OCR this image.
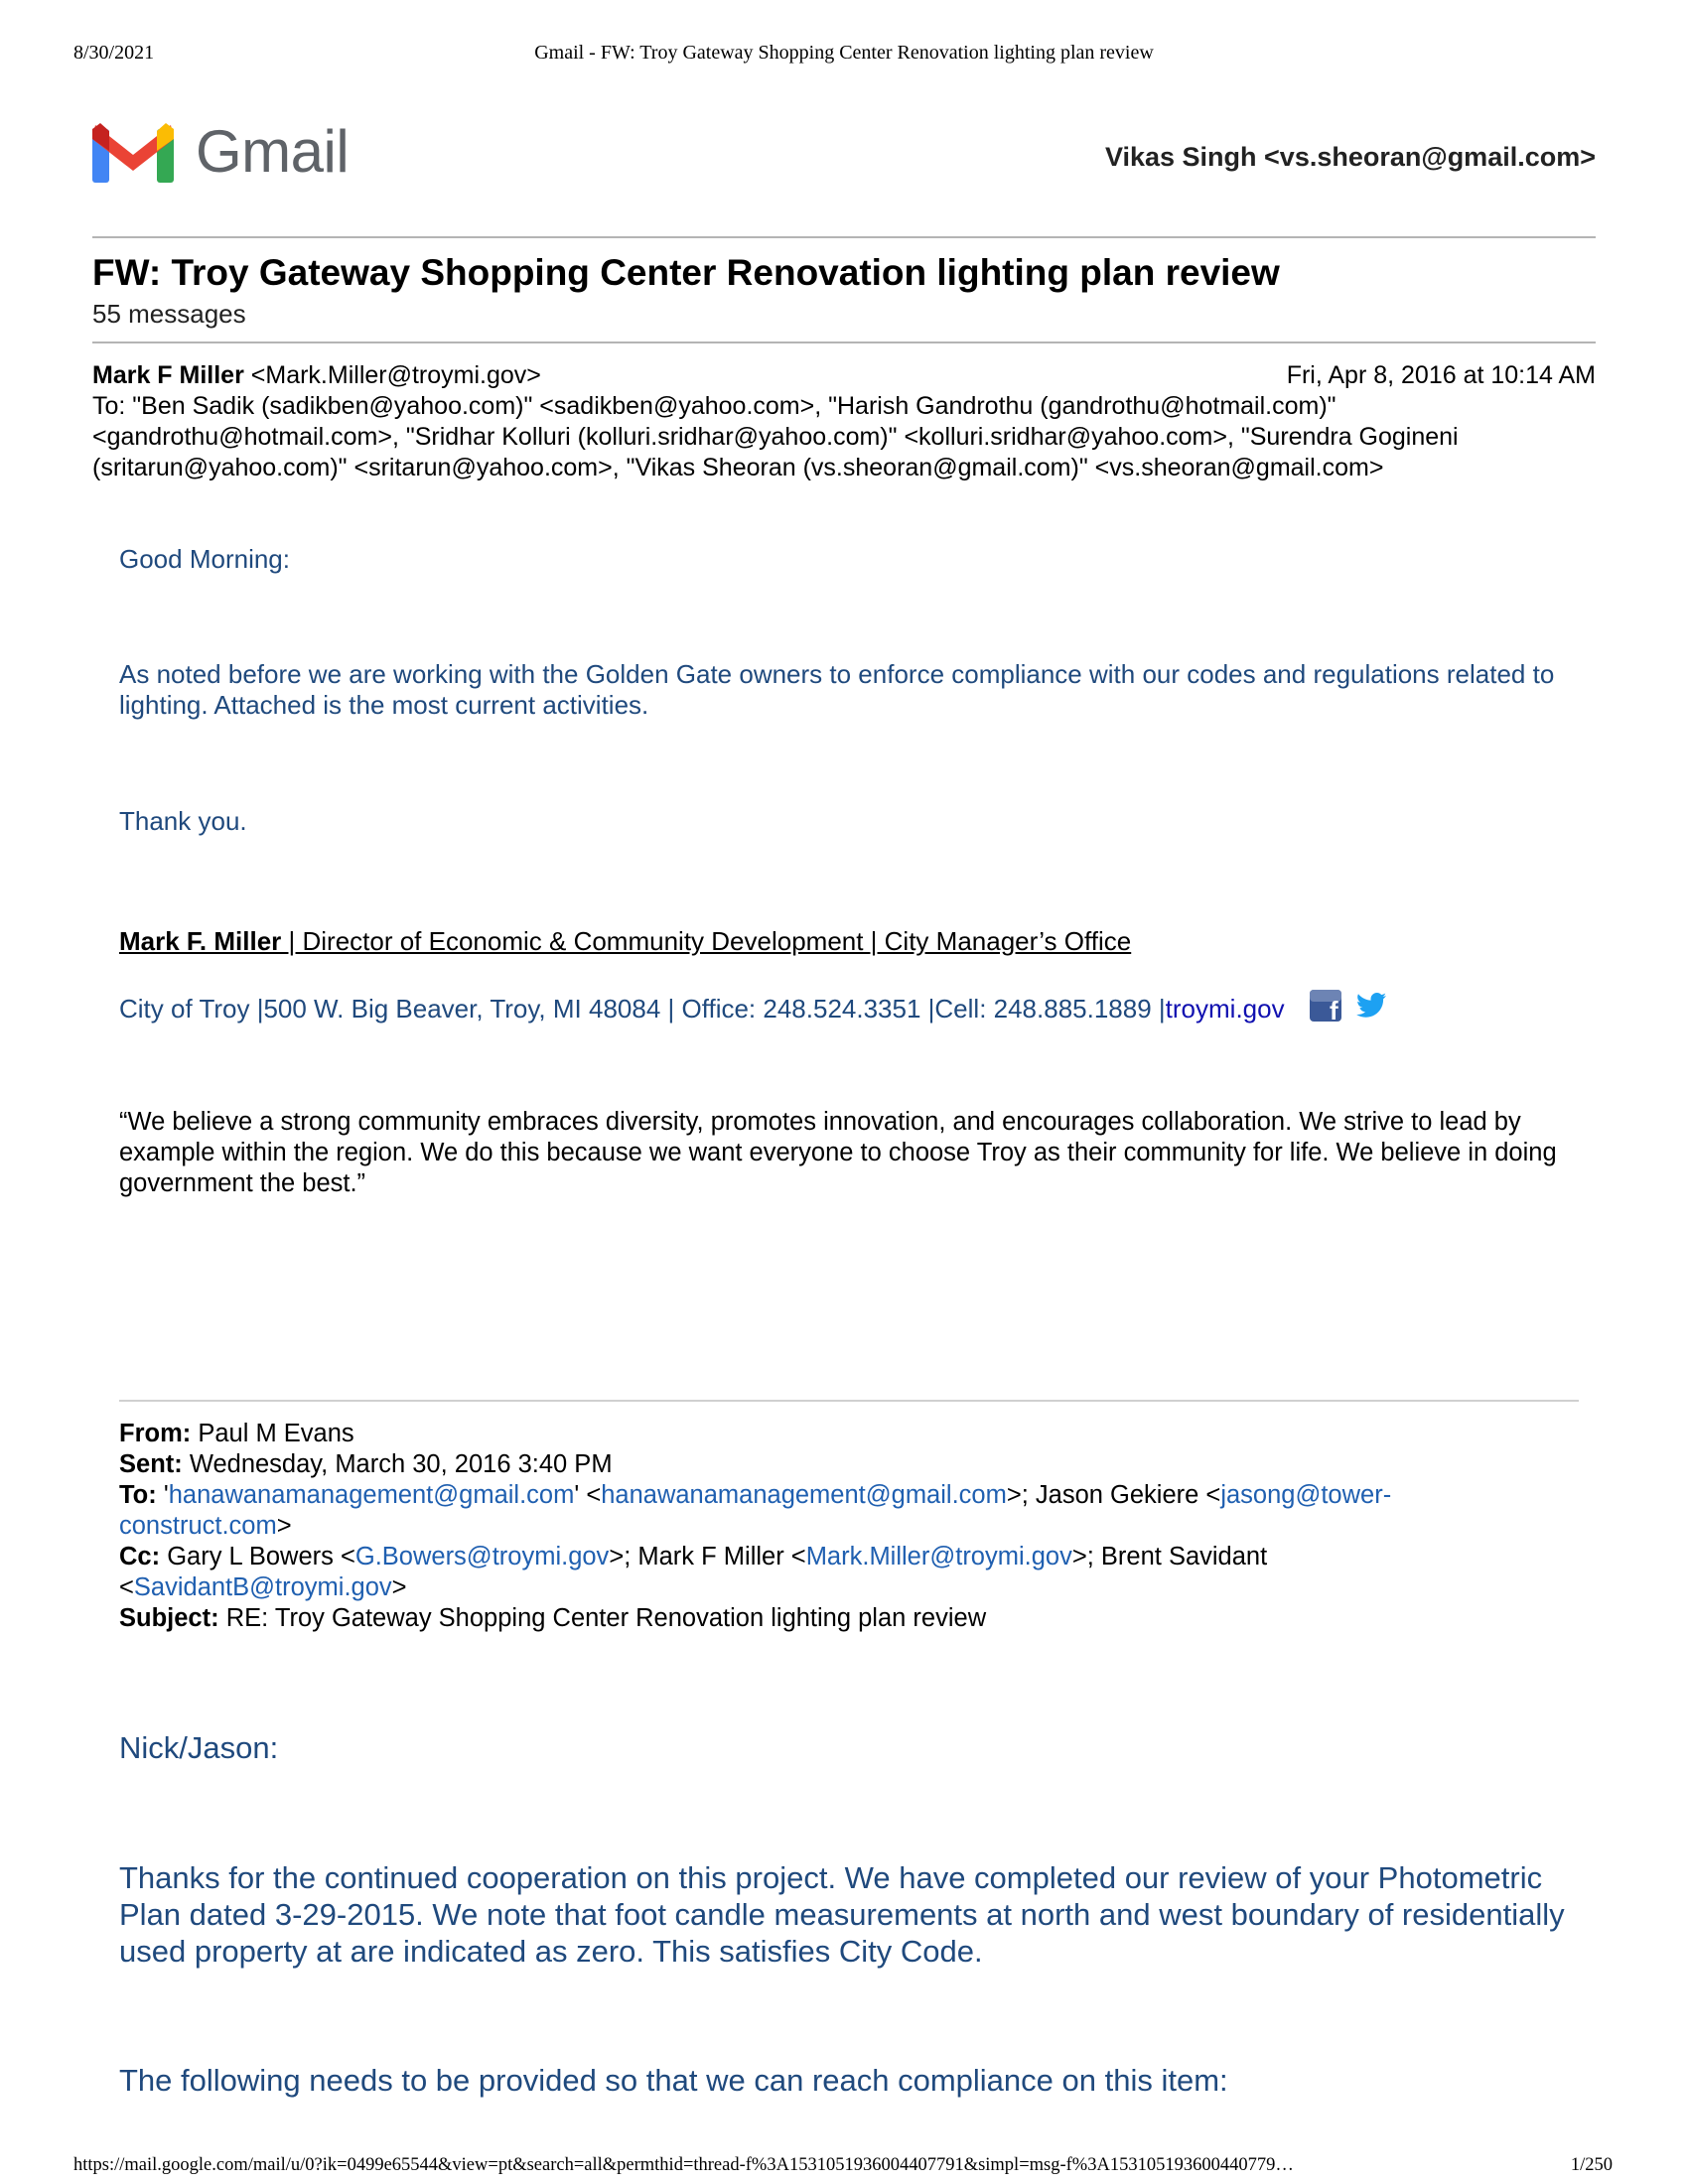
8/30/2021	Gmail - FW: Troy Gateway Shopping Center Renovation lighting plan review
Gmail	Vikas Singh <vs.sheoran@gmail.com>
FW: Troy Gateway Shopping Center Renovation lighting plan review
55 messages
Mark F Miller <Mark.Miller@troymi.gov>	Fri, Apr 8, 2016 at 10:14 AM
To: "Ben Sadik (sadikben@yahoo.com)" <sadikben@yahoo.com>, "Harish Gandrothu (gandrothu@hotmail.com)" <gandrothu@hotmail.com>, "Sridhar Kolluri (kolluri.sridhar@yahoo.com)" <kolluri.sridhar@yahoo.com>, "Surendra Gogineni (sritarun@yahoo.com)" <sritarun@yahoo.com>, "Vikas Sheoran (vs.sheoran@gmail.com)" <vs.sheoran@gmail.com>
Good Morning:
As noted before we are working with the Golden Gate owners to enforce compliance with our codes and regulations related to lighting. Attached is the most current activities.
Thank you.
Mark F. Miller | Director of Economic & Community Development | City Manager’s Office
City of Troy |500 W. Big Beaver, Troy, MI 48084 | Office: 248.524.3351 |Cell: 248.885.1889 |troymi.gov f
“We believe a strong community embraces diversity, promotes innovation, and encourages collaboration. We strive to lead by example within the region. We do this because we want everyone to choose Troy as their community for life. We believe in doing government the best.”
From: Paul M Evans
Sent: Wednesday, March 30, 2016 3:40 PM
To: 'hanawanamanagement@gmail.com' <hanawanamanagement@gmail.com>; Jason Gekiere <jasong@tower-
construct.com>
Cc: Gary L Bowers <G.Bowers@troymi.gov>; Mark F Miller <Mark.Miller@troymi.gov>; Brent Savidant
<SavidantB@troymi.gov>
Subject: RE: Troy Gateway Shopping Center Renovation lighting plan review
Nick/Jason:
Thanks for the continued cooperation on this project. We have completed our review of your Photometric Plan dated 3-29-2015. We note that foot candle measurements at north and west boundary of residentially used property at are indicated as zero. This satisfies City Code.
The following needs to be provided so that we can reach compliance on this item:
https://mail.google.com/mail/u/0?ik=0499e65544&view=pt&search=all&permthid=thread-f%3A1531051936004407791&simpl=msg-f%3A153105193600440779…	1/250
